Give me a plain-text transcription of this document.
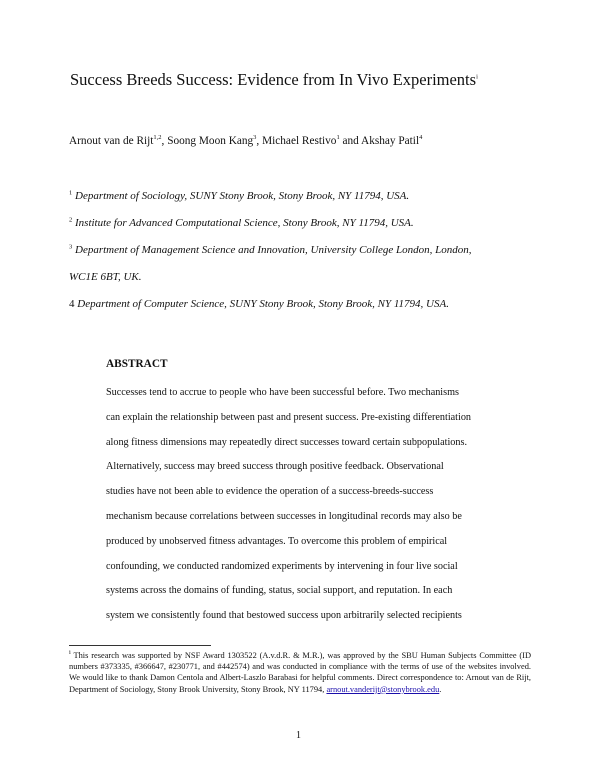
Success Breeds Success: Evidence from In Vivo Experiments$^i$
Arnout van de Rijt$^{1,2}$, Soong Moon Kang$^3$, Michael Restivo$^1$ and Akshay Patil$^4$
$^1$ Department of Sociology, SUNY Stony Brook, Stony Brook, NY 11794, USA.
$^2$ Institute for Advanced Computational Science, Stony Brook, NY 11794, USA.
$^3$ Department of Management Science and Innovation, University College London, London,
WC1E 6BT, UK.
4 Department of Computer Science, SUNY Stony Brook, Stony Brook, NY 11794, USA.
ABSTRACT
Successes tend to accrue to people who have been successful before. Two mechanisms
can explain the relationship between past and present success. Pre-existing differentiation
along fitness dimensions may repeatedly direct successes toward certain subpopulations.
Alternatively, success may breed success through positive feedback. Observational
studies have not been able to evidence the operation of a success-breeds-success
mechanism because correlations between successes in longitudinal records may also be
produced by unobserved fitness advantages. To overcome this problem of empirical
confounding, we conducted randomized experiments by intervening in four live social
systems across the domains of funding, status, social support, and reputation. In each
system we consistently found that bestowed success upon arbitrarily selected recipients
$^i$ This research was supported by NSF Award 1303522 (A.v.d.R. & M.R.), was approved by the SBU Human Subjects Committee (ID numbers #373335, #366647, #230771, and #442574) and was conducted in compliance with the terms of use of the websites involved. We would like to thank Damon Centola and Albert-Laszlo Barabasi for helpful comments. Direct correspondence to: Arnout van de Rijt, Department of Sociology, Stony Brook University, Stony Brook, NY 11794, arnout.vanderijt@stonybrook.edu.
1
